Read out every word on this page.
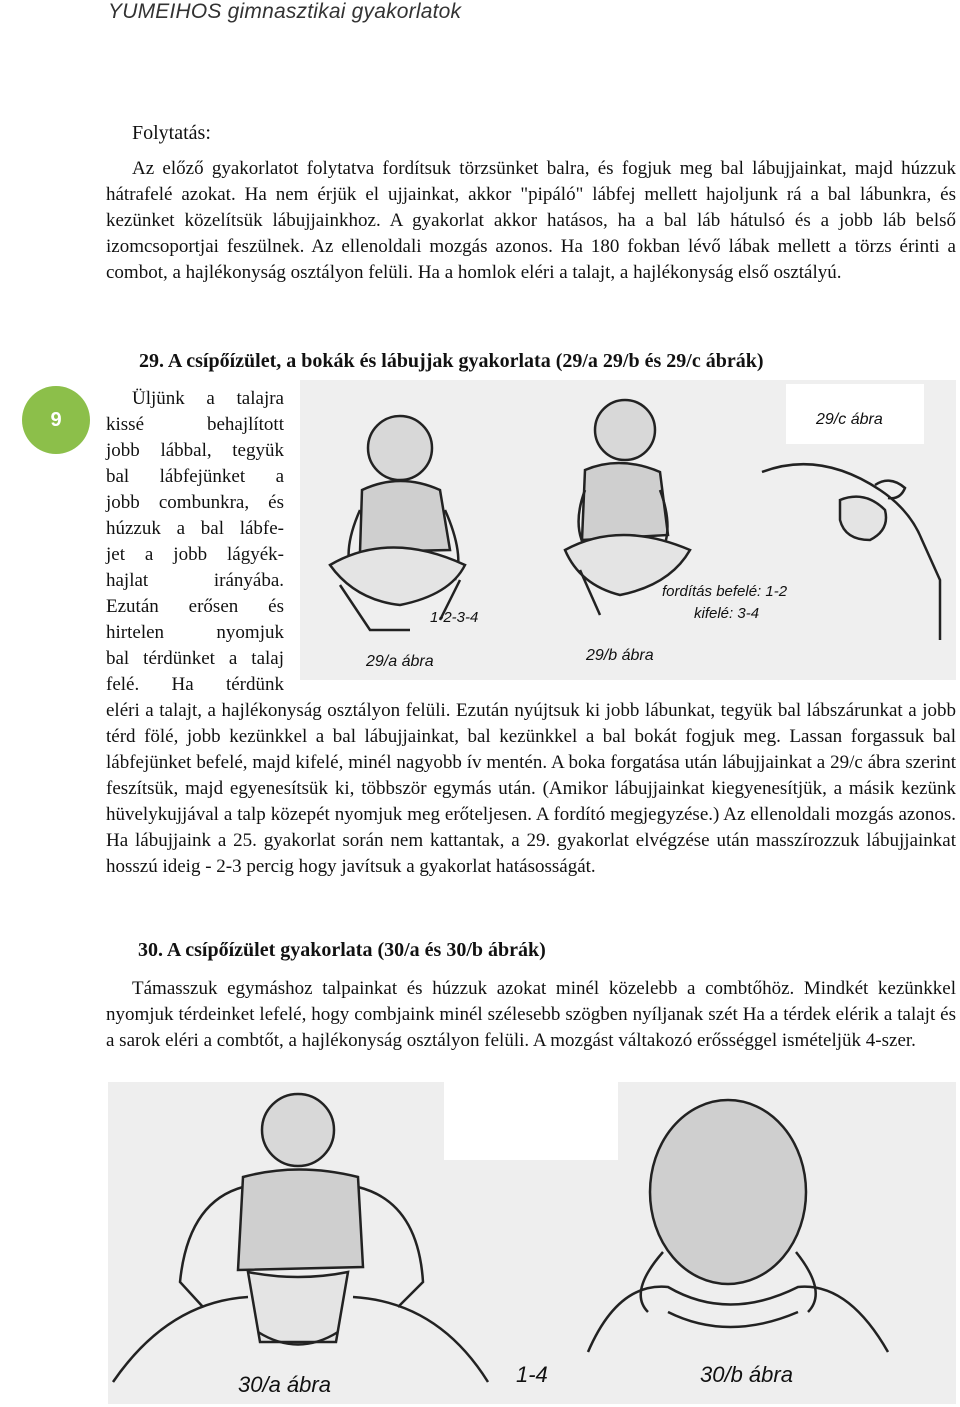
YUMEIHOS gimnasztikai gyakorlatok
Folytatás:
Az előző gyakorlatot folytatva fordítsuk törzsünket balra, és fogjuk meg bal lábujjainkat, majd húzzuk hátrafelé azokat. Ha nem érjük el ujjainkat, akkor "pipáló" lábfej mellett hajoljunk rá a bal lábunkra, és kezünket közelítsük lábujjainkhoz. A gyakorlat akkor hatásos, ha a bal láb hátulsó és a jobb láb belső izomcsoportjai feszülnek. Az ellenoldali mozgás azonos. Ha 180 fokban lévő lábak mellett a törzs érinti a combot, a hajlékonyság osztályon felüli. Ha a homlok eléri a talajt, a hajlékonyság első osztályú.
9
29. A csípőízület, a bokák és lábujjak gyakorlata (29/a 29/b és 29/c ábrák)
Üljünk a talajra
kissé behajlított
jobb lábbal, tegyük
bal lábfejünket a
jobb combunkra, és
húzzuk a bal lábfe-
jet a jobb lágyék-
hajlat irányába.
Ezután erősen és
hirtelen nyomjuk
bal térdünket a talaj
felé. Ha térdünk
29/c ábra
1-2-3-4
fordítás befelé: 1-2
kifelé: 3-4
29/a ábra	29/b ábra
eléri a talajt, a hajlékonyság osztályon felüli. Ezután nyújtsuk ki jobb lábunkat, tegyük bal lábszárunkat a jobb térd fölé, jobb kezünkkel a bal lábujjainkat, bal kezünkkel a bal bokát fogjuk meg. Lassan forgassuk bal lábfejünket befelé, majd kifelé, minél nagyobb ív mentén. A boka forgatása után lábujjainkat a 29/c ábra szerint feszítsük, majd egyenesítsük ki, többször egymás után. (Amikor lábujjainkat kiegyenesítjük, a másik kezünk hüvelykujjával a talp közepét nyomjuk meg erőteljesen. A fordító megjegyzése.) Az ellenoldali mozgás azonos. Ha lábujjaink a 25. gyakorlat során nem kattantak, a 29. gyakorlat elvégzése után masszírozzuk lábujjainkat hosszú ideig - 2-3 percig hogy javítsuk a gyakorlat hatásosságát.
30. A csípőízület gyakorlata (30/a és 30/b ábrák)
Támasszuk egymáshoz talpainkat és húzzuk azokat minél közelebb a combtőhöz. Mindkét kezünkkel nyomjuk térdeinket lefelé, hogy combjaink minél szélesebb szögben nyíljanak szét Ha a térdek elérik a talajt és a sarok eléri a combtőt, a hajlékonyság osztályon felüli. A mozgást váltakozó erősséggel ismételjük 4-szer.
30/a ábra	1-4	30/b ábra
